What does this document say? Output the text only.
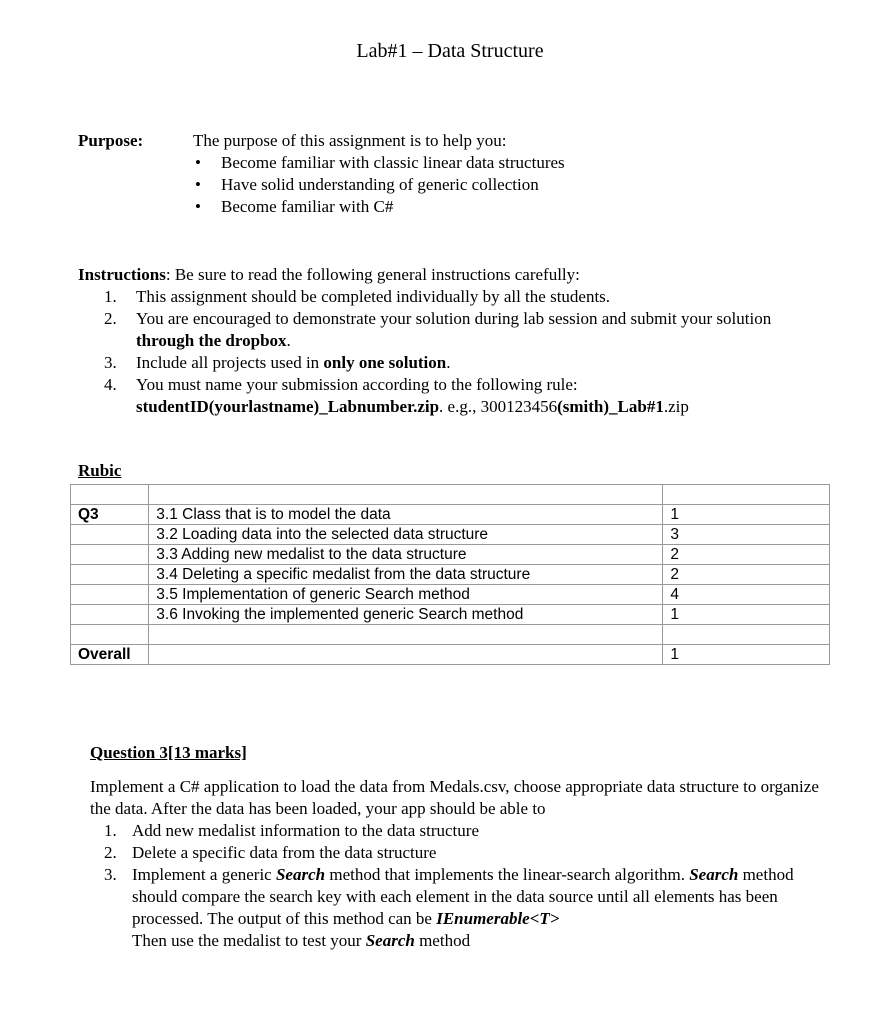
Lab#1 – Data Structure
Purpose:	The purpose of this assignment is to help you:
• Become familiar with classic linear data structures
• Have solid understanding of generic collection
• Become familiar with C#
Instructions: Be sure to read the following general instructions carefully:
1. This assignment should be completed individually by all the students.
2. You are encouraged to demonstrate your solution during lab session and submit your solution through the dropbox.
3. Include all projects used in only one solution.
4. You must name your submission according to the following rule:
studentID(yourlastname)_Labnumber.zip. e.g., 300123456(smith)_Lab#1.zip
Rubic

Q3	3.1 Class that is to model the data	1
	3.2 Loading data into the selected data structure	3
	3.3 Adding new medalist to the data structure	2
	3.4 Deleting a specific medalist from the data structure	2
	3.5 Implementation of generic Search method	4
	3.6 Invoking the implemented generic Search method	1

Overall		1
Question 3[13 marks]
Implement a C# application to load the data from Medals.csv, choose appropriate data structure to organize the data. After the data has been loaded, your app should be able to
1. Add new medalist information to the data structure
2. Delete a specific data from the data structure
3. Implement a generic Search method that implements the linear-search algorithm. Search method should compare the search key with each element in the data source until all elements has been processed. The output of this method can be IEnumerable<T>
Then use the medalist to test your Search method
